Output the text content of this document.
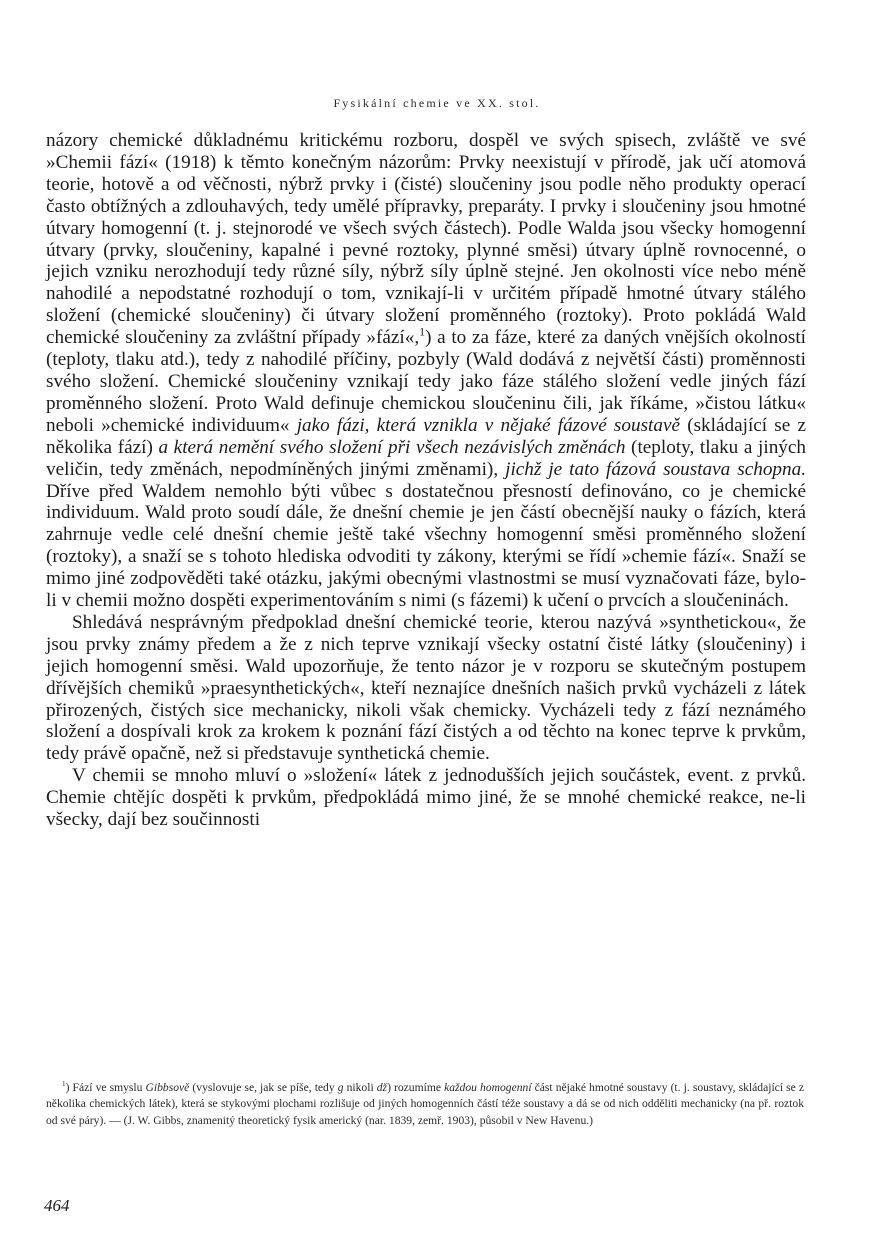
Fysikální chemie ve XX. stol.

názory chemické důkladnému kritickému rozboru, dospěl ve svých spisech, zvláště ve své »Chemii fází« (1918) k těmto konečným názorům: Prvky neexistují v přírodě, jak učí atomová teorie, hotově a od věčnosti, nýbrž prvky i (čisté) sloučeniny jsou podle něho produkty operací často obtížných a zdlouhavých, tedy umělé přípravky, preparáty. I prvky i sloučeniny jsou hmotné útvary homogenní (t. j. stejnorodé ve všech svých částech). Podle Walda jsou všecky homogenní útvary (prvky, sloučeniny, kapalné i pevné roztoky, plynné směsi) útvary úplně rovnocenné, o jejich vzniku nerozhodují tedy různé síly, nýbrž síly úplně stejné. Jen okolnosti více nebo méně nahodilé a nepodstatné rozhodují o tom, vznikají-li v určitém případě hmotné útvary stálého složení (chemické sloučeniny) či útvary složení proměnného (roztoky). Proto pokládá Wald chemické sloučeniny za zvláštní případy »fází«,$^1$) a to za fáze, které za daných vnějších okolností (teploty, tlaku atd.), tedy z nahodilé příčiny, pozbyly (Wald dodává z největší části) proměnnosti svého složení. Chemické sloučeniny vznikají tedy jako fáze stálého složení vedle jiných fází proměnného složení. Proto Wald definuje chemickou sloučeninu čili, jak říkáme, »čistou látku« neboli »chemické individuum« jako fázi, která vznikla v nějaké fázové soustavě (skládající se z několika fází) a která nemění svého složení při všech nezávislých změnách (teploty, tlaku a jiných veličin, tedy změnách, nepodmíněných jinými změnami), jichž je tato fázová soustava schopna. Dříve před Waldem nemohlo býti vůbec s dostatečnou přesností definováno, co je chemické individuum. Wald proto soudí dále, že dnešní chemie je jen částí obecnější nauky o fázích, která zahrnuje vedle celé dnešní chemie ještě také všechny homogenní směsi proměnného složení (roztoky), a snaží se s tohoto hlediska odvoditi ty zákony, kterými se řídí »chemie fází«. Snaží se mimo jiné zodpověděti také otázku, jakými obecnými vlastnostmi se musí vyznačovati fáze, bylo-li v chemii možno dospěti experimentováním s nimi (s fázemi) k učení o prvcích a sloučeninách.

Shledává nesprávným předpoklad dnešní chemické teorie, kterou nazývá »synthetickou«, že jsou prvky známy předem a že z nich teprve vznikají všecky ostatní čisté látky (sloučeniny) i jejich homogenní směsi. Wald upozorňuje, že tento názor je v rozporu se skutečným postupem dřívějších chemiků »praesynthetických«, kteří neznajíce dnešních našich prvků vycházeli z látek přirozených, čistých sice mechanicky, nikoli však chemicky. Vycházeli tedy z fází neznámého složení a dospívali krok za krokem k poznání fází čistých a od těchto na konec teprve k prvkům, tedy právě opačně, než si představuje synthetická chemie.

V chemii se mnoho mluví o »složení« látek z jednodušších jejich součástek, event. z prvků. Chemie chtějíc dospěti k prvkům, předpokládá mimo jiné, že se mnohé chemické reakce, ne-li všecky, dají bez součinnosti

$^1$) Fází ve smyslu Gibbsově (vyslovuje se, jak se píše, tedy g nikoli dž) rozumíme každou homogenní část nějaké hmotné soustavy (t. j. soustavy, skládající se z několika chemických látek), která se stykovými plochami rozlišuje od jiných homogenních částí téže soustavy a dá se od nich odděliti mechanicky (na př. roztok od své páry). — (J. W. Gibbs, znamenitý theoretický fysik americký (nar. 1839, zemř. 1903), působil v New Havenu.)

464
